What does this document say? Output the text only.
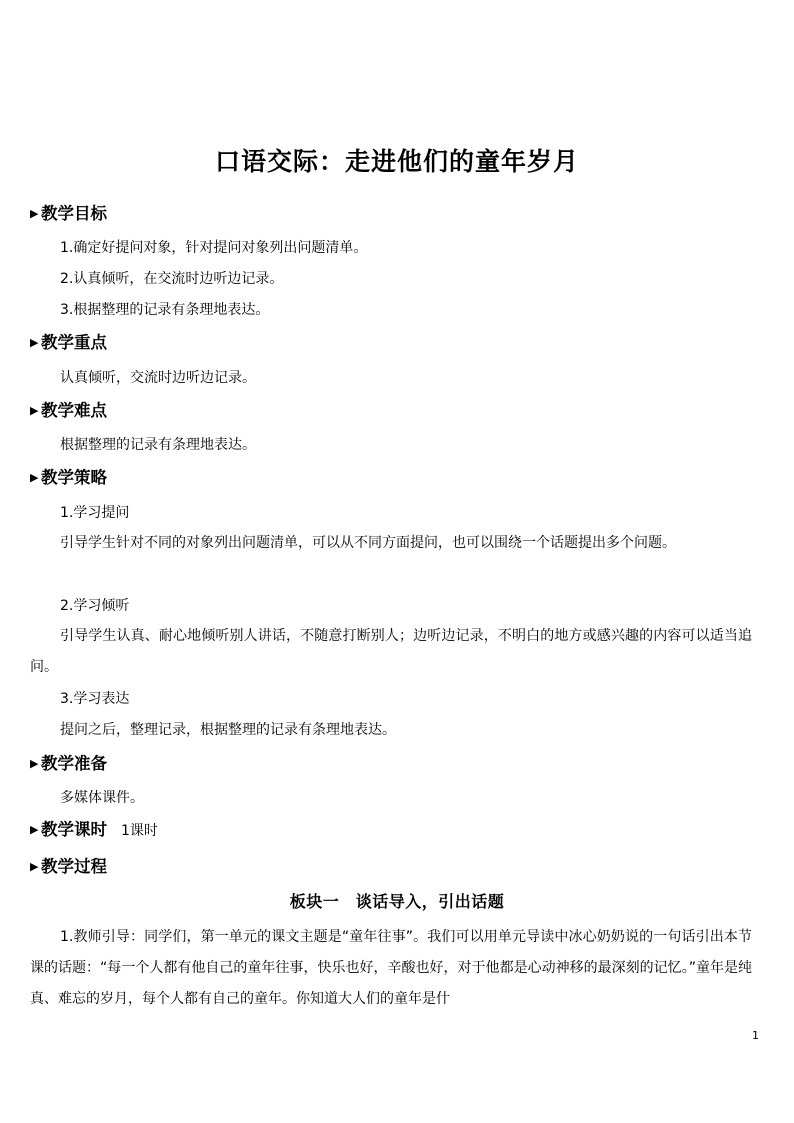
口语交际：走进他们的童年岁月
▶ 教学目标
1.确定好提问对象，针对提问对象列出问题清单。
2.认真倾听，在交流时边听边记录。
3.根据整理的记录有条理地表达。
▶ 教学重点
认真倾听，交流时边听边记录。
▶ 教学难点
根据整理的记录有条理地表达。
▶ 教学策略
1.学习提问
引导学生针对不同的对象列出问题清单，可以从不同方面提问，也可以围绕一个话题提出多个问题。
2.学习倾听
引导学生认真、耐心地倾听别人讲话，不随意打断别人；边听边记录，不明白的地方或感兴趣的内容可以适当追问。
3.学习表达
提问之后，整理记录，根据整理的记录有条理地表达。
▶ 教学准备
多媒体课件。
▶ 教学课时 1课时
▶ 教学过程
板块一　谈话导入，引出话题
1.教师引导：同学们，第一单元的课文主题是“童年往事”。我们可以用单元导读中冰心奶奶说的一句话引出本节课的话题：“每一个人都有他自己的童年往事，快乐也好，辛酸也好，对于他都是心动神移的最深刻的记忆。”童年是纯真、难忘的岁月，每个人都有自己的童年。你知道大人们的童年是什
1
